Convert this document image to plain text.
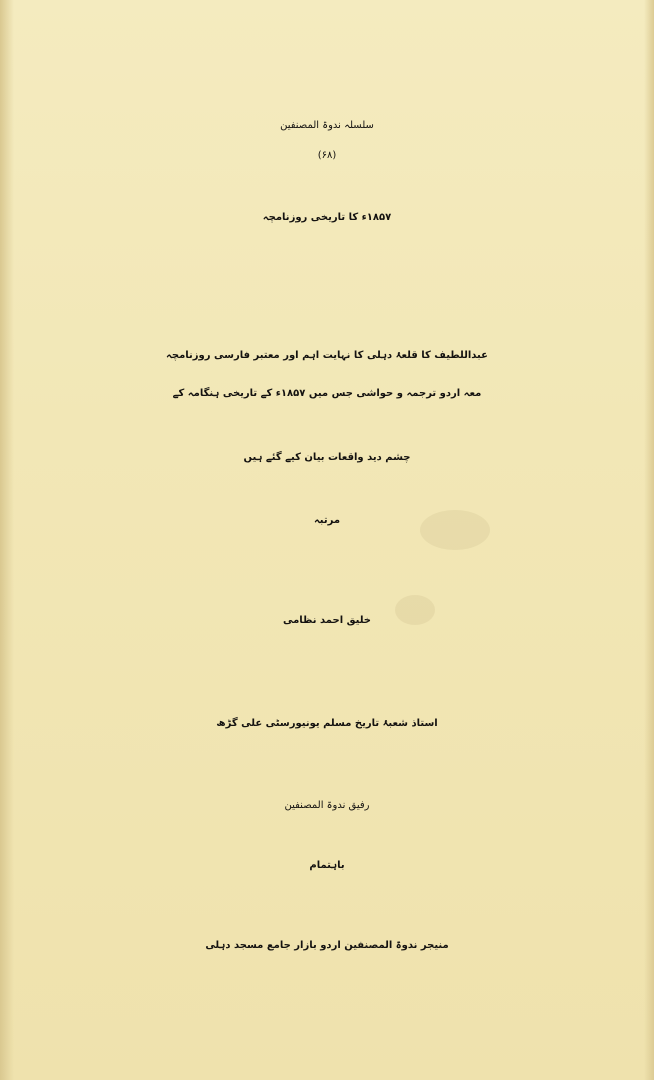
سلسلہ ندوۃ المصنفین
(۶۸)
۱۸۵۷ء کا تاریخی روزنامچہ
عبداللطیف کا قلعۂ دہلی کا نہایت اہم اور معتبر فارسی روزنامچہ
معہ اردو ترجمہ و حواشی جس میں ۱۸۵۷ء کے تاریخی ہنگامہ کے
چشم دید واقعات بیان کیے گئے ہیں
مرتبہ
خلیق احمد نظامی
استاذ شعبۂ تاریخ مسلم یونیورسٹی علی گڑھ
رفیق ندوۃ المصنفین
باہتمام
منیجر ندوۃ المصنفین اردو بازار جامع مسجد دہلی
